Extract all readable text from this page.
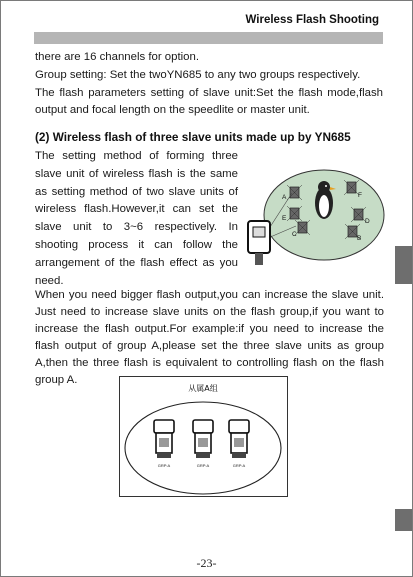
Wireless Flash Shooting

there are 16 channels for option.

Group setting: Set the twoYN685 to any two groups respectively.

The flash parameters setting of slave unit:Set the flash mode,flash output and focal length on the speedlite or master unit.

(2) Wireless flash of three slave units made up by YN685

The setting method of forming three slave unit of wireless flash is the same as setting method of two slave units of wireless flash.However,it can set the slave unit to 3~6 respectively. In shooting process it can follow the arrangement of the flash effect as you need.

A	F
E	D
C
B

When you need bigger flash output,you can increase the slave unit. Just need to increase slave units on the flash group,if you want to increase the flash output.For example:if you need to increase the flash output of group A,please set the three slave units as group A,then the three flash is equivalent to controlling flash on the flash group A.

从属A组
GRP:A	GRP:A	GRP:A
-23-
